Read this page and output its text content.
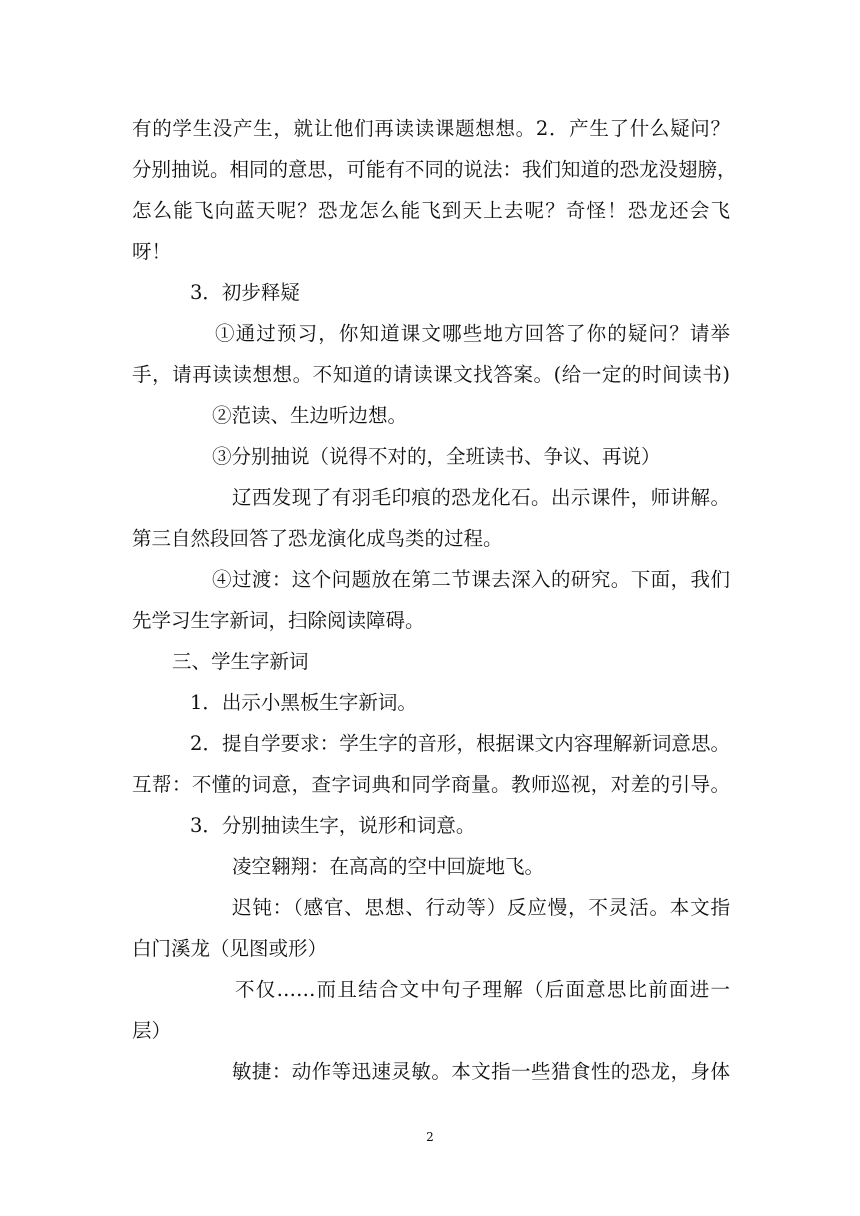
有的学生没产生，就让他们再读读课题想想。2．产生了什么疑问？
分别抽说。相同的意思，可能有不同的说法：我们知道的恐龙没翅膀，
怎么能飞向蓝天呢？恐龙怎么能飞到天上去呢？奇怪！恐龙还会飞
呀！
3．初步释疑
①通过预习，你知道课文哪些地方回答了你的疑问？请举
手，请再读读想想。不知道的请读课文找答案。(给一定的时间读书)
②范读、生边听边想。
③分别抽说（说得不对的，全班读书、争议、再说）
辽西发现了有羽毛印痕的恐龙化石。出示课件，师讲解。
第三自然段回答了恐龙演化成鸟类的过程。
④过渡：这个问题放在第二节课去深入的研究。下面，我们
先学习生字新词，扫除阅读障碍。
三、学生字新词
1．出示小黑板生字新词。
2．提自学要求：学生字的音形，根据课文内容理解新词意思。
互帮：不懂的词意，查字词典和同学商量。教师巡视，对差的引导。
3．分别抽读生字，说形和词意。
凌空翱翔：在高高的空中回旋地飞。
迟钝：（感官、思想、行动等）反应慢，不灵活。本文指
白门溪龙（见图或形）
不仅……而且结合文中句子理解（后面意思比前面进一
层）
敏捷：动作等迅速灵敏。本文指一些猎食性的恐龙，身体
2
